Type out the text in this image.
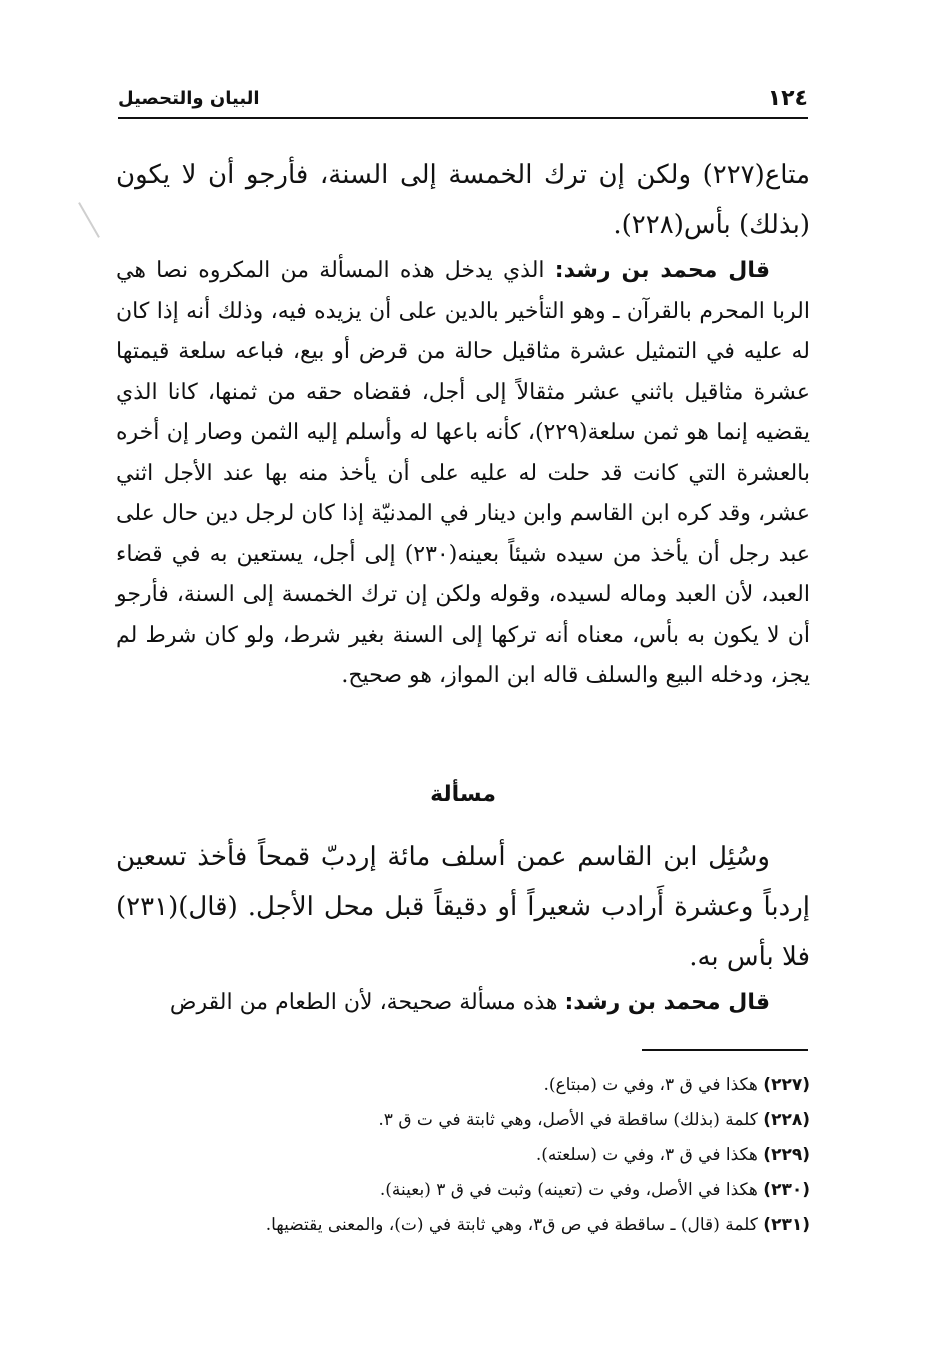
١٢٤
البيان والتحصيل
متاع(٢٢٧) ولكن إن ترك الخمسة إلى السنة، فأرجو أن لا يكون (بذلك) بأس(٢٢٨).
قال محمد بن رشد: الذي يدخل هذه المسألة من المكروه نصا هي الربا المحرم بالقرآن ـ وهو التأخير بالدين على أن يزيده فيه، وذلك أنه إذا كان له عليه في التمثيل عشرة مثاقيل حالة من قرض أو بيع، فباعه سلعة قيمتها عشرة مثاقيل باثني عشر مثقالاً إلى أجل، فقضاه حقه من ثمنها، كانا الذي يقضيه إنما هو ثمن سلعة(٢٢٩)، كأنه باعها له وأسلم إليه الثمن وصار إن أخره بالعشرة التي كانت قد حلت له عليه على أن يأخذ منه بها عند الأجل اثني عشر، وقد كره ابن القاسم وابن دينار في المدنيّة إذا كان لرجل دين حال على عبد رجل أن يأخذ من سيده شيئاً بعينه(٢٣٠) إلى أجل، يستعين به في قضاء العبد، لأن العبد وماله لسيده، وقوله ولكن إن ترك الخمسة إلى السنة، فأرجو أن لا يكون به بأس، معناه أنه تركها إلى السنة بغير شرط، ولو كان شرط لم يجز، ودخله البيع والسلف قاله ابن المواز، هو صحيح.
مسألة
وسُئِل ابن القاسم عمن أسلف مائة إردبّ قمحاً فأخذ تسعين إردباً وعشرة أَرادب شعيراً أو دقيقاً قبل محل الأجل. (قال)(٢٣١) فلا بأس به.
قال محمد بن رشد: هذه مسألة صحيحة، لأن الطعام من القرض
(٢٢٧) هكذا في ق ٣، وفي ت (مبتاع).
(٢٢٨) كلمة (بذلك) ساقطة في الأصل، وهي ثابتة في ت ق ٣.
(٢٢٩) هكذا في ق ٣، وفي ت (سلعته).
(٢٣٠) هكذا في الأصل، وفي ت (تعينه) وثبت في ق ٣ (بعينة).
(٢٣١) كلمة (قال) ـ ساقطة في ص ق٣، وهي ثابتة في (ت)، والمعنى يقتضيها.
